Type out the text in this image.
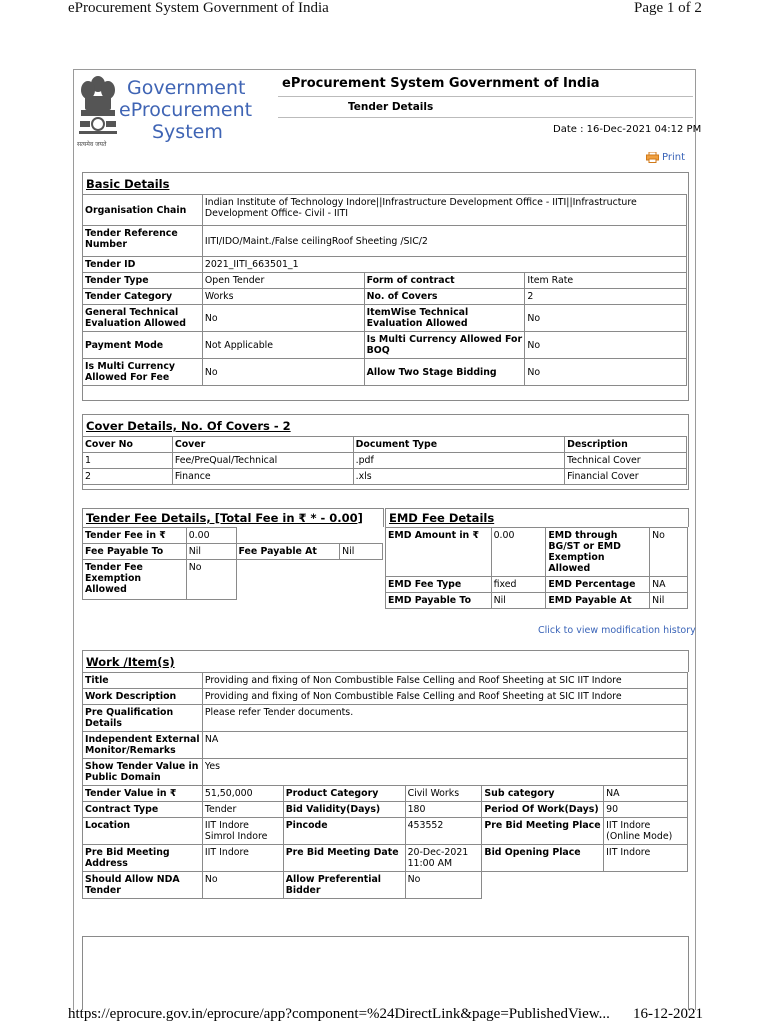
eProcurement System Government of India	Page 1 of 2
Government
eProcurement
System
सत्यमेव जयते
eProcurement System Government of India
Tender Details
Date : 16-Dec-2021 04:12 PM
Print
Basic Details
Organisation Chain	Indian Institute of Technology Indore||Infrastructure Development Office - IITI||Infrastructure Development Office- Civil - IITI		
Tender Reference Number	IITI/IDO/Maint./False ceilingRoof Sheeting /SIC/2		
Tender ID	2021_IITI_663501_1		
Tender Type	Open Tender	Form of contract	Item Rate
Tender Category	Works	No. of Covers	2
General Technical Evaluation Allowed	No	ItemWise Technical Evaluation Allowed	No
Payment Mode	Not Applicable	Is Multi Currency Allowed For BOQ	No
Is Multi Currency Allowed For Fee	No	Allow Two Stage Bidding	No
Cover Details, No. Of Covers - 2
Cover No	Cover	Document Type	Description
1	Fee/PreQual/Technical	.pdf	Technical Cover
2	Finance	.xls	Financial Cover
Tender Fee Details, [Total Fee in ₹ * - 0.00]
Tender Fee in ₹	0.00		
Fee Payable To	Nil	Fee Payable At	Nil
Tender Fee Exemption Allowed	No		
EMD Fee Details
EMD Amount in ₹	0.00	EMD through BG/ST or EMD Exemption Allowed	No
EMD Fee Type	fixed	EMD Percentage	NA
EMD Payable To	Nil	EMD Payable At	Nil
Click to view modification history
Work /Item(s)
Title	Providing and fixing of Non Combustible False Celling and Roof Sheeting at SIC IIT Indore				
Work Description	Providing and fixing of Non Combustible False Celling and Roof Sheeting at SIC IIT Indore				
Pre Qualification Details	Please refer Tender documents.				
Independent External Monitor/Remarks	NA				
Show Tender Value in Public Domain	Yes				
Tender Value in ₹	51,50,000	Product Category	Civil Works	Sub category	NA
Contract Type	Tender	Bid Validity(Days)	180	Period Of Work(Days)	90
Location	IIT Indore Simrol Indore	Pincode	453552	Pre Bid Meeting Place	IIT Indore (Online Mode)
Pre Bid Meeting Address	IIT Indore	Pre Bid Meeting Date	20-Dec-2021 11:00 AM	Bid Opening Place	IIT Indore
Should Allow NDA Tender	No	Allow Preferential Bidder	No		
https://eprocure.gov.in/eprocure/app?component=%24DirectLink&page=PublishedView... 16-12-2021
